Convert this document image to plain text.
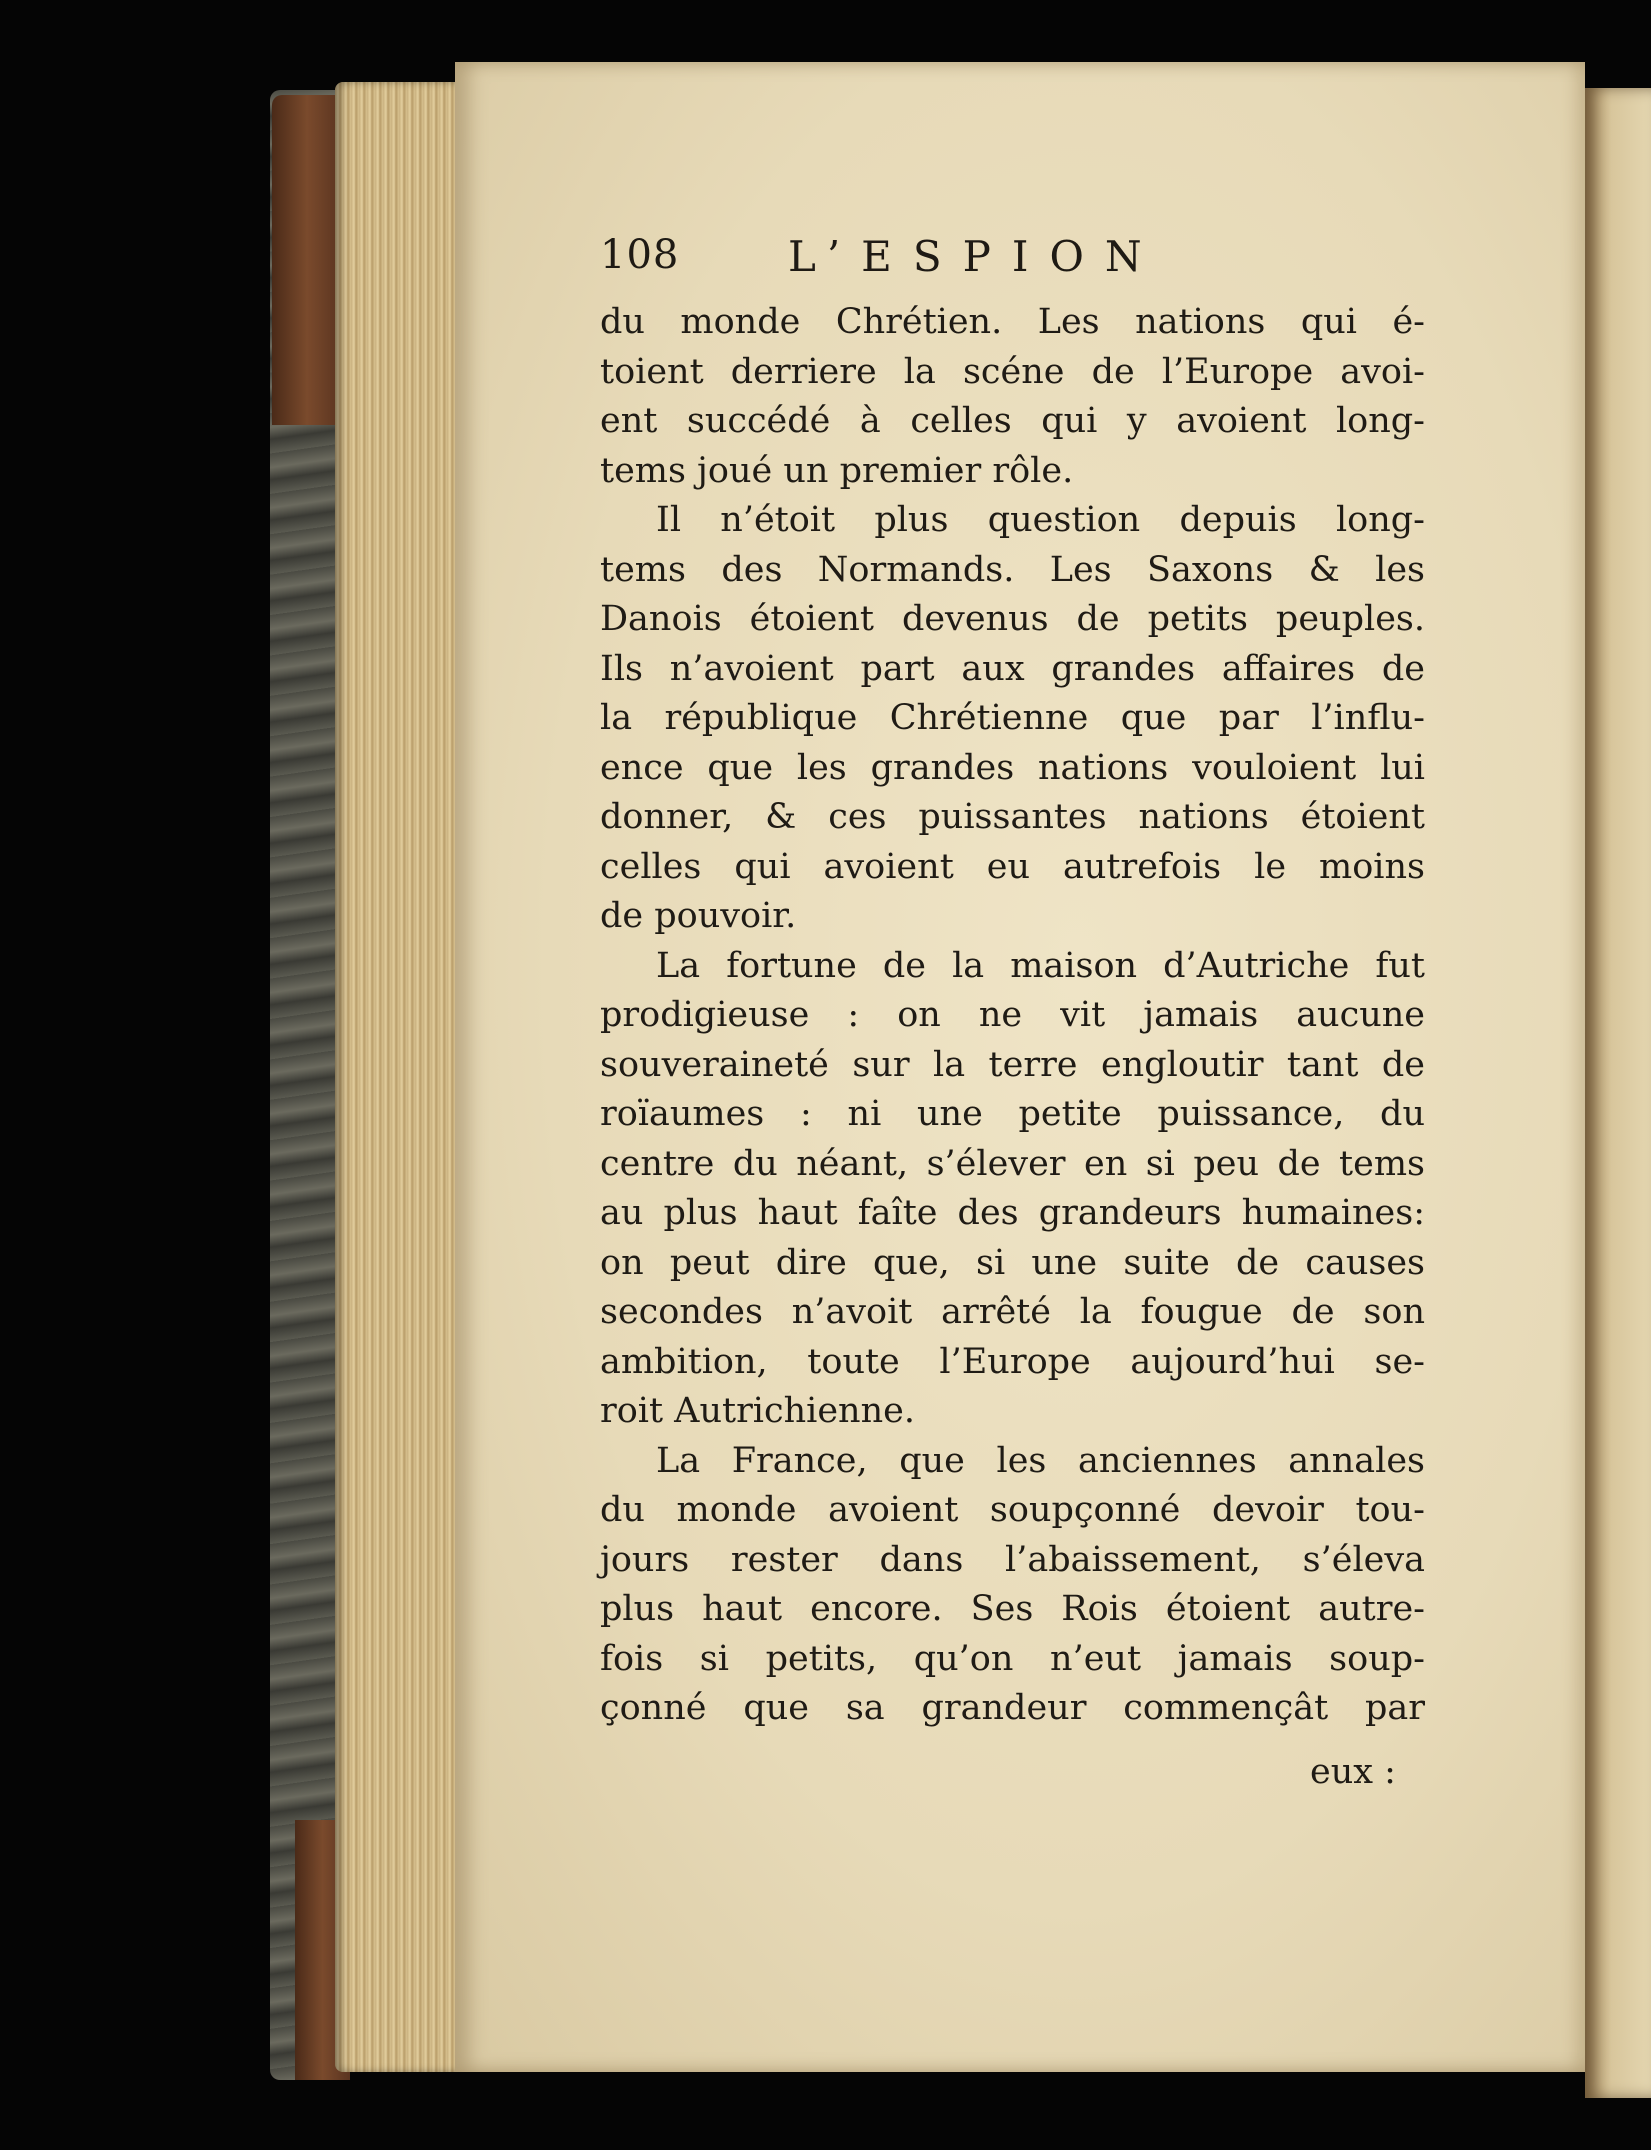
108	L’ESPION
du monde Chrétien. Les nations qui é-
toient derriere la scéne de l’Europe avoi-
ent succédé à celles qui y avoient long-
tems joué un premier rôle.
Il n’étoit plus question depuis long-
tems des Normands. Les Saxons & les
Danois étoient devenus de petits peuples.
Ils n’avoient part aux grandes affaires de
la république Chrétienne que par l’influ-
ence que les grandes nations vouloient lui
donner, & ces puissantes nations étoient
celles qui avoient eu autrefois le moins
de pouvoir.
La fortune de la maison d’Autriche fut
prodigieuse : on ne vit jamais aucune
souveraineté sur la terre engloutir tant de
roïaumes : ni une petite puissance, du
centre du néant, s’élever en si peu de tems
au plus haut faîte des grandeurs humaines:
on peut dire que, si une suite de causes
secondes n’avoit arrêté la fougue de son
ambition, toute l’Europe aujourd’hui se-
roit Autrichienne.
La France, que les anciennes annales
du monde avoient soupçonné devoir tou-
jours rester dans l’abaissement, s’éleva
plus haut encore. Ses Rois étoient autre-
fois si petits, qu’on n’eut jamais soup-
çonné que sa grandeur commençât par
eux :
